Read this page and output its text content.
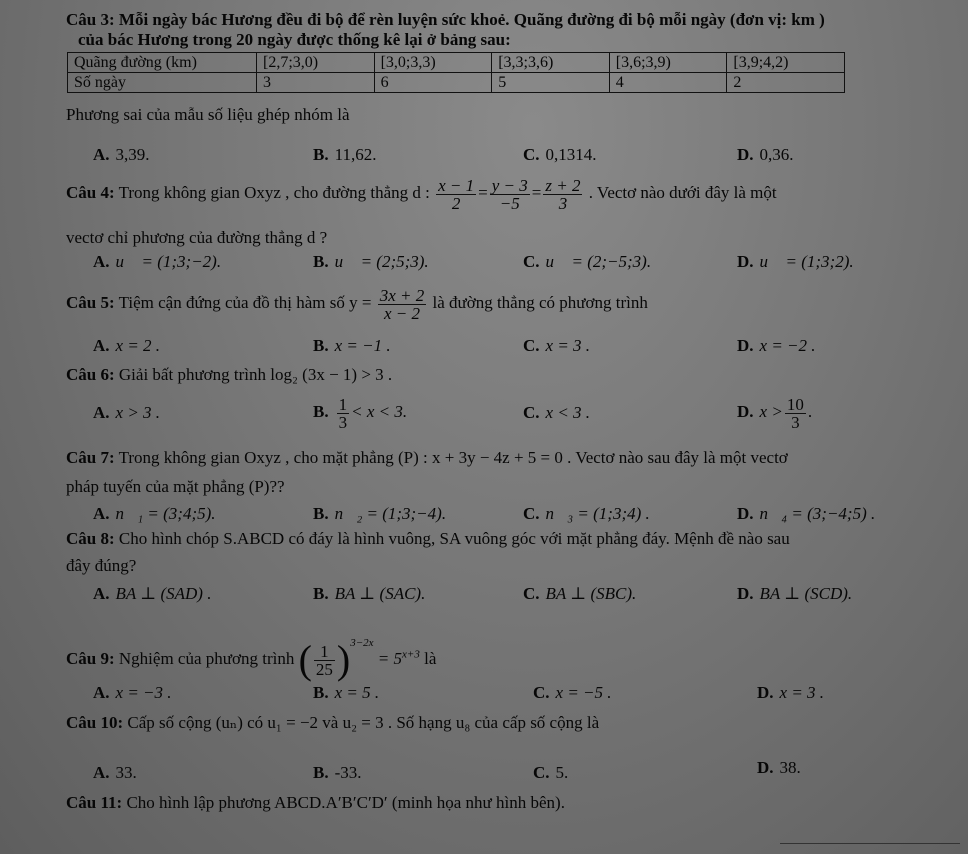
Câu 3: Mỗi ngày bác Hương đều đi bộ để rèn luyện sức khoẻ. Quãng đường đi bộ mỗi ngày (đơn vị: km )
của bác Hương trong 20 ngày được thống kê lại ở bảng sau:
Quãng đường (km)	[2,7;3,0)	[3,0;3,3)	[3,3;3,6)	[3,6;3,9)	[3,9;4,2)
Số ngày	3	6	5	4	2
Phương sai của mẫu số liệu ghép nhóm là
A. 3,39.	B. 11,62.	C. 0,1314.	D. 0,36.
Câu 4: Trong không gian Oxyz , cho đường thẳng d : $\frac{x - 1}{2} = \frac{y - 3}{-5} = \frac{z + 2}{3}$ . Vectơ nào dưới đây là một
vectơ chỉ phương của đường thẳng d ?
A. u⃗ = (1;3;−2).	B. u⃗ = (2;5;3).	C. u⃗ = (2;−5;3).	D. u⃗ = (1;3;2).
Câu 5: Tiệm cận đứng của đồ thị hàm số $y = \frac{3x + 2}{x - 2}$ là đường thẳng có phương trình
A. x = 2 .	B. x = −1 .	C. x = 3 .	D. x = −2 .
Câu 6: Giải bất phương trình log₂ (3x − 1) > 3 .
A. x > 3 .	B. $\frac{1}{3} < x < 3$.	C. x < 3 .	D. $x > \frac{10}{3}$ .
Câu 7: Trong không gian Oxyz , cho mặt phẳng (P) : x + 3y − 4z + 5 = 0 . Vectơ nào sau đây là một vectơ
pháp tuyến của mặt phẳng (P)??
A. n⃗₁ = (3;4;5).	B. n⃗₂ = (1;3;−4).	C. n⃗₃ = (1;3;4) .	D. n⃗₄ = (3;−4;5) .
Câu 8: Cho hình chóp S.ABCD có đáy là hình vuông, SA vuông góc với mặt phẳng đáy. Mệnh đề nào sau
đây đúng?
A. BA ⊥ (SAD) .	B. BA ⊥ (SAC).	C. BA ⊥ (SBC).	D. BA ⊥ (SCD).
Câu 9: Nghiệm của phương trình ( $\frac{1}{25} )^{3-2x} = 5^{x+3}$ là
A. x = −3 .	B. x = 5 .	C. x = −5 .	D. x = 3 .
Câu 10: Cấp số cộng (uₙ) có u₁ = −2 và u₂ = 3 . Số hạng u₈ của cấp số cộng là
A. 33.	B. -33.	C. 5.	D. 38.
Câu 11: Cho hình lập phương ABCD.A′B′C′D′ (minh họa như hình bên).
